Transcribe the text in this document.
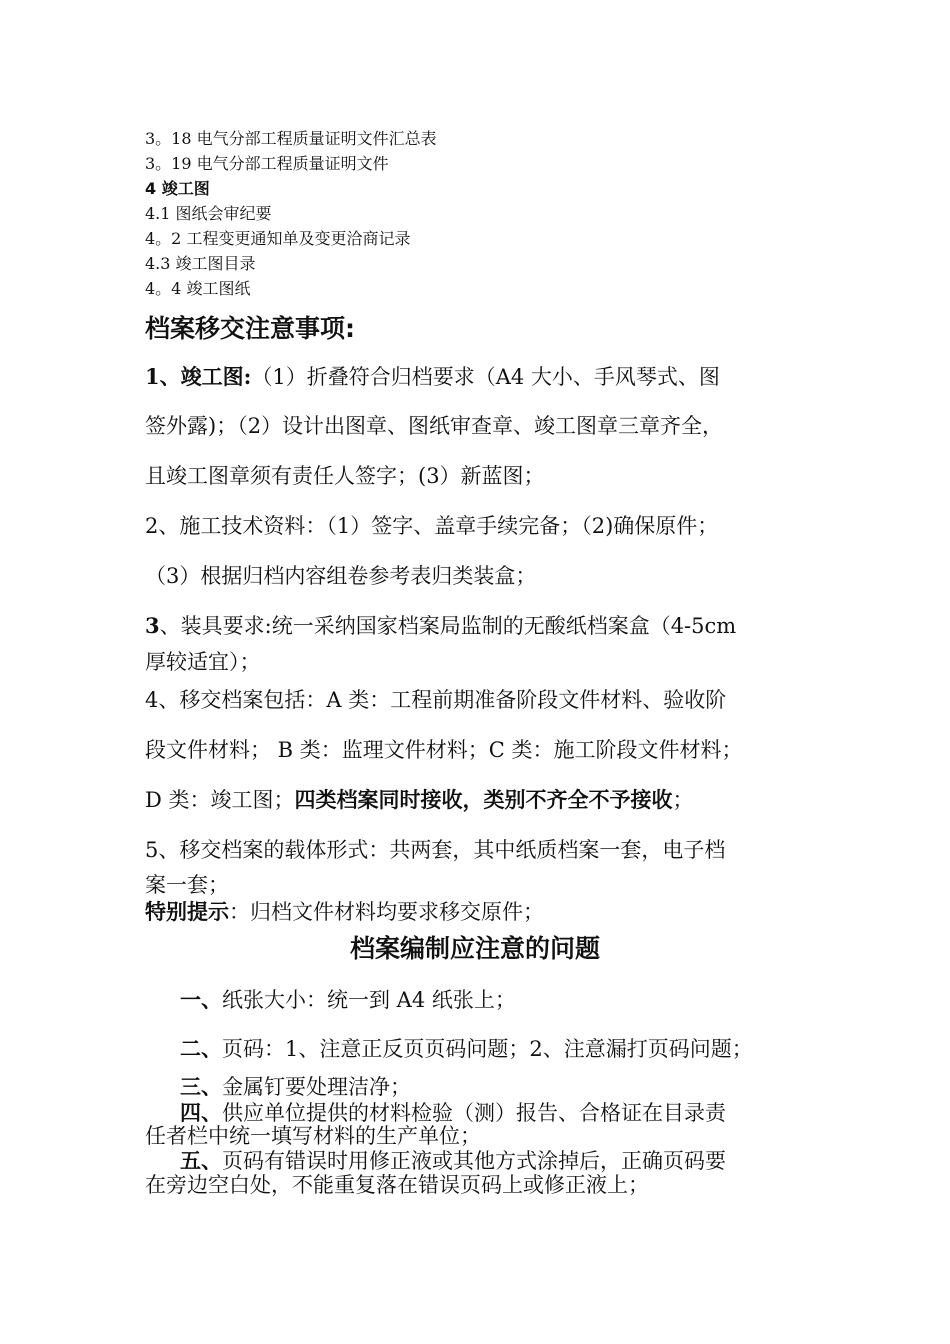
3。18 电气分部工程质量证明文件汇总表
3。19 电气分部工程质量证明文件
4 竣工图
4.1 图纸会审纪要
4。2 工程变更通知单及变更洽商记录
4.3 竣工图目录
4。4 竣工图纸
档案移交注意事项:
1、竣工图:（1）折叠符合归档要求（A4 大小、手风琴式、图
签外露)；（2）设计出图章、图纸审查章、竣工图章三章齐全，
且竣工图章须有责任人签字；(3）新蓝图；
2、施工技术资料：（1）签字、盖章手续完备；（2)确保原件；
（3）根据归档内容组卷参考表归类装盒；
3、装具要求:统一采纳国家档案局监制的无酸纸档案盒（4-5cm
厚较适宜）；
4、移交档案包括：A 类：工程前期准备阶段文件材料、验收阶
段文件材料； B 类：监理文件材料；C 类：施工阶段文件材料；
D 类：竣工图；四类档案同时接收，类别不齐全不予接收；
5、移交档案的载体形式：共两套，其中纸质档案一套，电子档
案一套；
特别提示：归档文件材料均要求移交原件；
档案编制应注意的问题
一、纸张大小：统一到 A4 纸张上；
二、页码：1、注意正反页页码问题；2、注意漏打页码问题；
三、金属钉要处理洁净；
四、供应单位提供的材料检验（测）报告、合格证在目录责
任者栏中统一填写材料的生产单位；
五、页码有错误时用修正液或其他方式涂掉后，正确页码要
在旁边空白处，不能重复落在错误页码上或修正液上；
